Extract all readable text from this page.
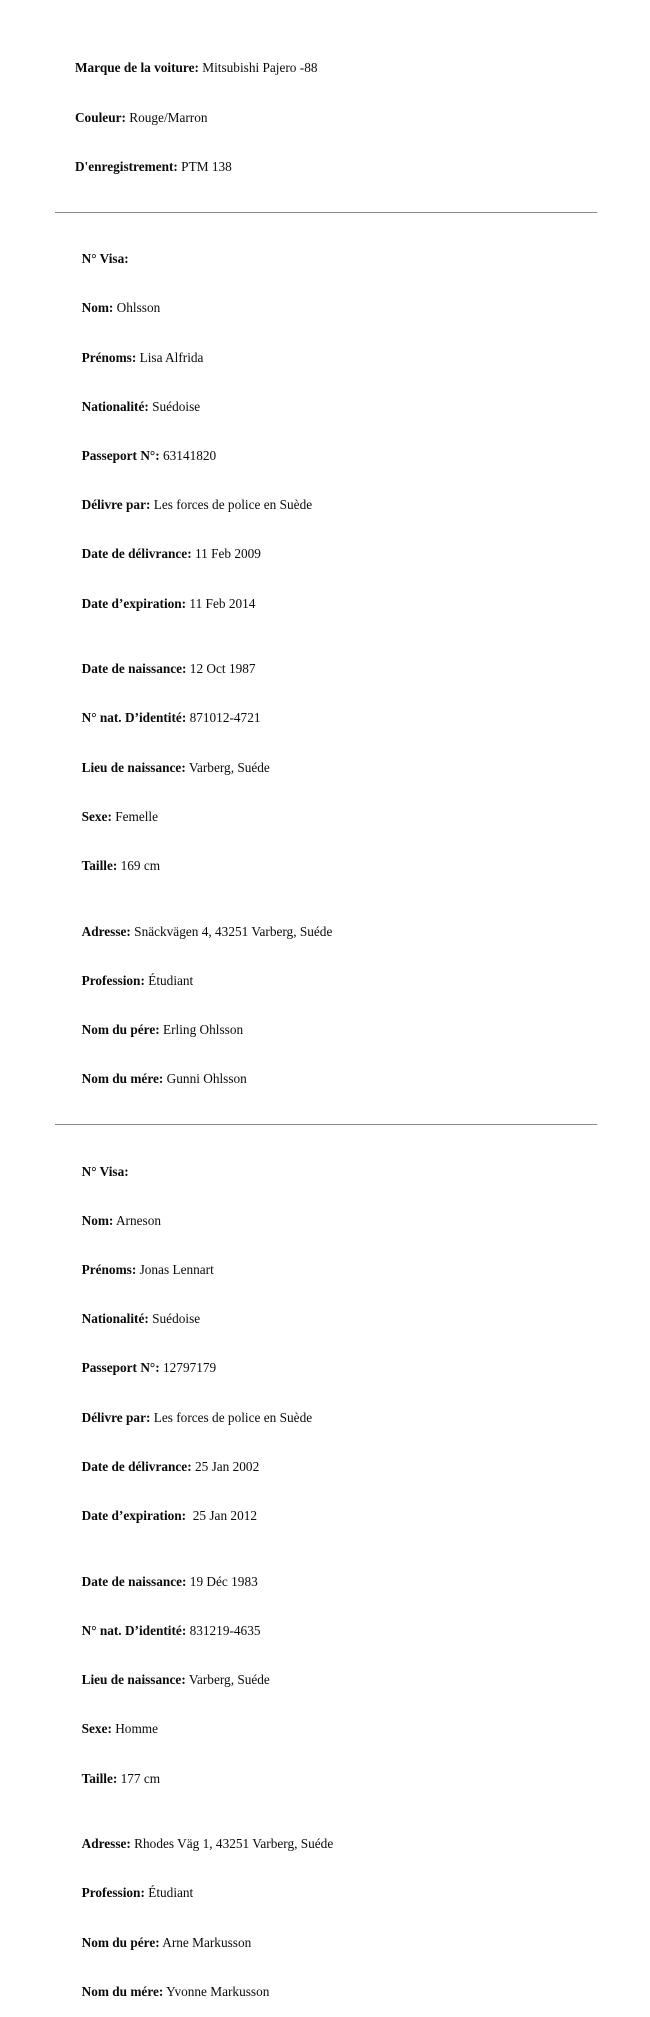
Marque de la voiture: Mitsubishi Pajero -88

Couleur: Rouge/Marron

D'enregistrement: PTM 138

N° Visa:

Nom: Ohlsson

Prénoms: Lisa Alfrida

Nationalité: Suédoise

Passeport N°: 63141820

Délivre par: Les forces de police en Suède

Date de délivrance: 11 Feb 2009

Date d’expiration: 11 Feb 2014

Date de naissance: 12 Oct 1987

N° nat. D’identité: 871012-4721

Lieu de naissance: Varberg, Suéde

Sexe: Femelle

Taille: 169 cm

Adresse: Snäckvägen 4, 43251 Varberg, Suéde

Profession: Étudiant

Nom du pére: Erling Ohlsson

Nom du mére: Gunni Ohlsson

N° Visa:

Nom: Arneson

Prénoms: Jonas Lennart

Nationalité: Suédoise

Passeport N°: 12797179

Délivre par: Les forces de police en Suède

Date de délivrance: 25 Jan 2002

Date d’expiration:  25 Jan 2012

Date de naissance: 19 Déc 1983

N° nat. D’identité: 831219-4635

Lieu de naissance: Varberg, Suéde

Sexe: Homme

Taille: 177 cm

Adresse: Rhodes Väg 1, 43251 Varberg, Suéde

Profession: Étudiant

Nom du pére: Arne Markusson

Nom du mére: Yvonne Markusson
